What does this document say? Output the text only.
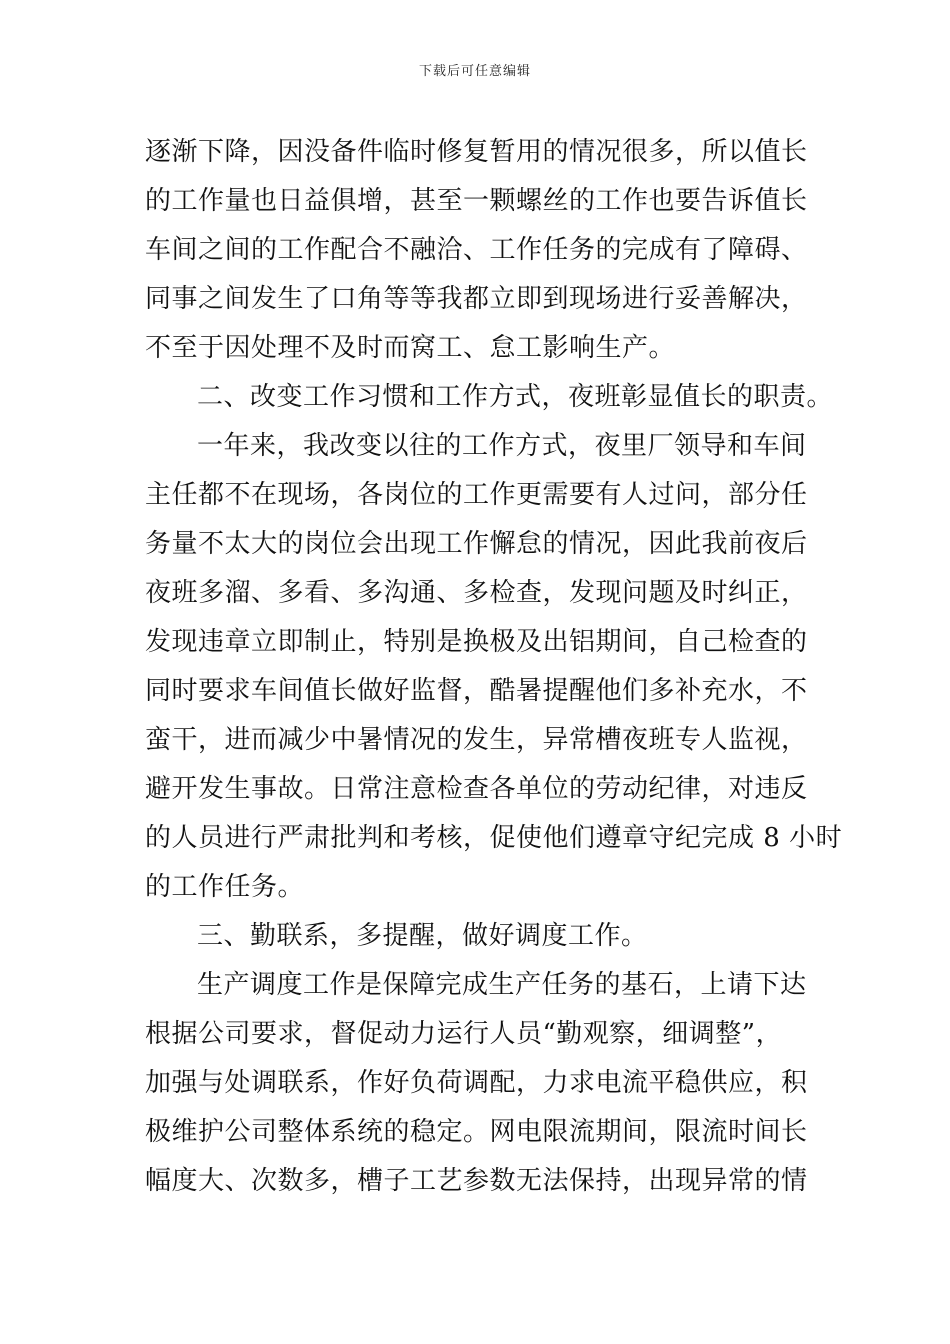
下载后可任意编辑
逐渐下降，因没备件临时修复暂用的情况很多，所以值长
的工作量也日益俱增，甚至一颗螺丝的工作也要告诉值长
车间之间的工作配合不融洽、工作任务的完成有了障碍、
同事之间发生了口角等等我都立即到现场进行妥善解决，
不至于因处理不及时而窝工、怠工影响生产。
二、改变工作习惯和工作方式，夜班彰显值长的职责。
一年来，我改变以往的工作方式，夜里厂领导和车间
主任都不在现场，各岗位的工作更需要有人过问，部分任
务量不太大的岗位会出现工作懈怠的情况，因此我前夜后
夜班多溜、多看、多沟通、多检查，发现问题及时纠正，
发现违章立即制止，特别是换极及出铝期间，自己检查的
同时要求车间值长做好监督，酷暑提醒他们多补充水，不
蛮干，进而减少中暑情况的发生，异常槽夜班专人监视，
避开发生事故。日常注意检查各单位的劳动纪律，对违反
的人员进行严肃批判和考核，促使他们遵章守纪完成 8 小时
的工作任务。
三、勤联系，多提醒，做好调度工作。
生产调度工作是保障完成生产任务的基石，上请下达
根据公司要求，督促动力运行人员“勤观察，细调整”，
加强与处调联系，作好负荷调配，力求电流平稳供应，积
极维护公司整体系统的稳定。网电限流期间，限流时间长
幅度大、次数多，槽子工艺参数无法保持，出现异常的情
